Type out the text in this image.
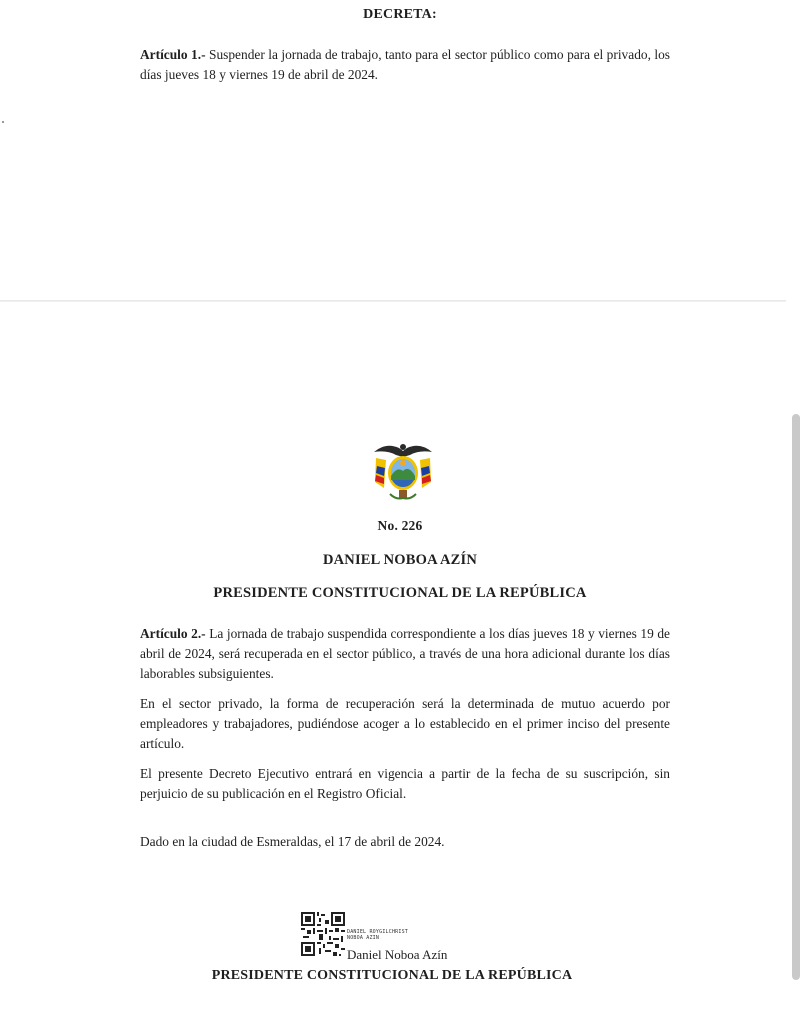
DECRETA:
Artículo 1.- Suspender la jornada de trabajo, tanto para el sector público como para el privado, los días jueves 18 y viernes 19 de abril de 2024.
No. 226
DANIEL NOBOA AZÍN
PRESIDENTE CONSTITUCIONAL DE LA REPÚBLICA
Artículo 2.- La jornada de trabajo suspendida correspondiente a los días jueves 18 y viernes 19 de abril de 2024, será recuperada en el sector público, a través de una hora adicional durante los días laborables subsiguientes.
En el sector privado, la forma de recuperación será la determinada de mutuo acuerdo por empleadores y trabajadores, pudiéndose acoger a lo establecido en el primer inciso del presente artículo.
El presente Decreto Ejecutivo entrará en vigencia a partir de la fecha de su suscripción, sin perjuicio de su publicación en el Registro Oficial.
Dado en la ciudad de Esmeraldas, el 17 de abril de 2024.
DANIEL ROYGILCHRIST
NOBOA AZIN
Daniel Noboa Azín
PRESIDENTE CONSTITUCIONAL DE LA REPÚBLICA
